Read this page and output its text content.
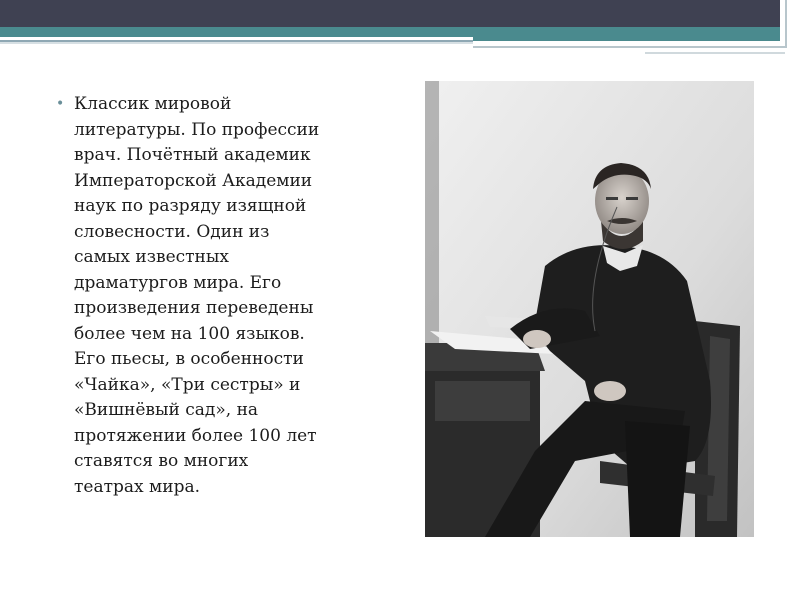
• Классик мировой
литературы. По профессии
врач. Почётный академик
Императорской Академии
наук по разряду изящной
словесности. Один из
самых известных
драматургов мира. Его
произведения переведены
более чем на 100 языков.
Его пьесы, в особенности
«Чайка», «Три сестры» и
«Вишнёвый сад», на
протяжении более 100 лет
ставятся во многих
театрах мира.
